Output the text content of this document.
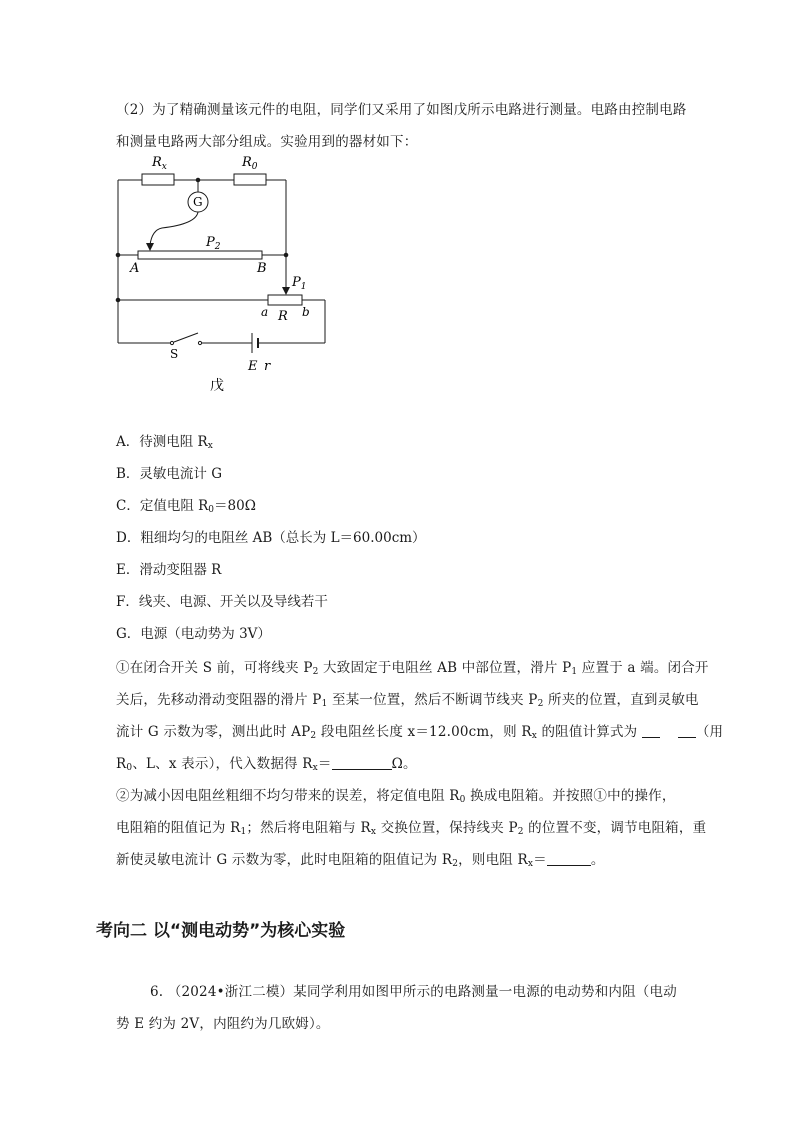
（2）为了精确测量该元件的电阻，同学们又采用了如图戊所示电路进行测量。电路由控制电路
和测量电路两大部分组成。实验用到的器材如下：
$R_x$	$R_0$
G
$P_2$
A	B
$P_1$
a R b
S
E r
戊
A．待测电阻 $R_x$
B．灵敏电流计 G
C．定值电阻 $R_0=80\Omega$
D．粗细均匀的电阻丝 AB（总长为 L＝60.00cm）
E．滑动变阻器 R
F．线夹、电源、开关以及导线若干
G．电源（电动势为 3V）
①在闭合开关 S 前，可将线夹 $P_2$ 大致固定于电阻丝 AB 中部位置，滑片 $P_1$ 应置于 a 端。闭合开
关后，先移动滑动变阻器的滑片 $P_1$ 至某一位置，然后不断调节线夹 $P_2$ 所夹的位置，直到灵敏电
流计 G 示数为零，测出此时 $AP_2$ 段电阻丝长度 x＝12.00cm，则 $R_x$ 的阻值计算式为	（用
$R_0$、L、x 表示），代入数据得 $R_x=$	Ω。
②为减小因电阻丝粗细不均匀带来的误差，将定值电阻 $R_0$ 换成电阻箱。并按照①中的操作，
电阻箱的阻值记为 $R_1$；然后将电阻箱与 $R_x$ 交换位置，保持线夹 $P_2$ 的位置不变，调节电阻箱，重
新使灵敏电流计 G 示数为零，此时电阻箱的阻值记为 $R_2$，则电阻 $R_x=$	。
考向二 以“测电动势”为核心实验
6. （2024•浙江二模）某同学利用如图甲所示的电路测量一电源的电动势和内阻（电动
势 E 约为 2V，内阻约为几欧姆）。
